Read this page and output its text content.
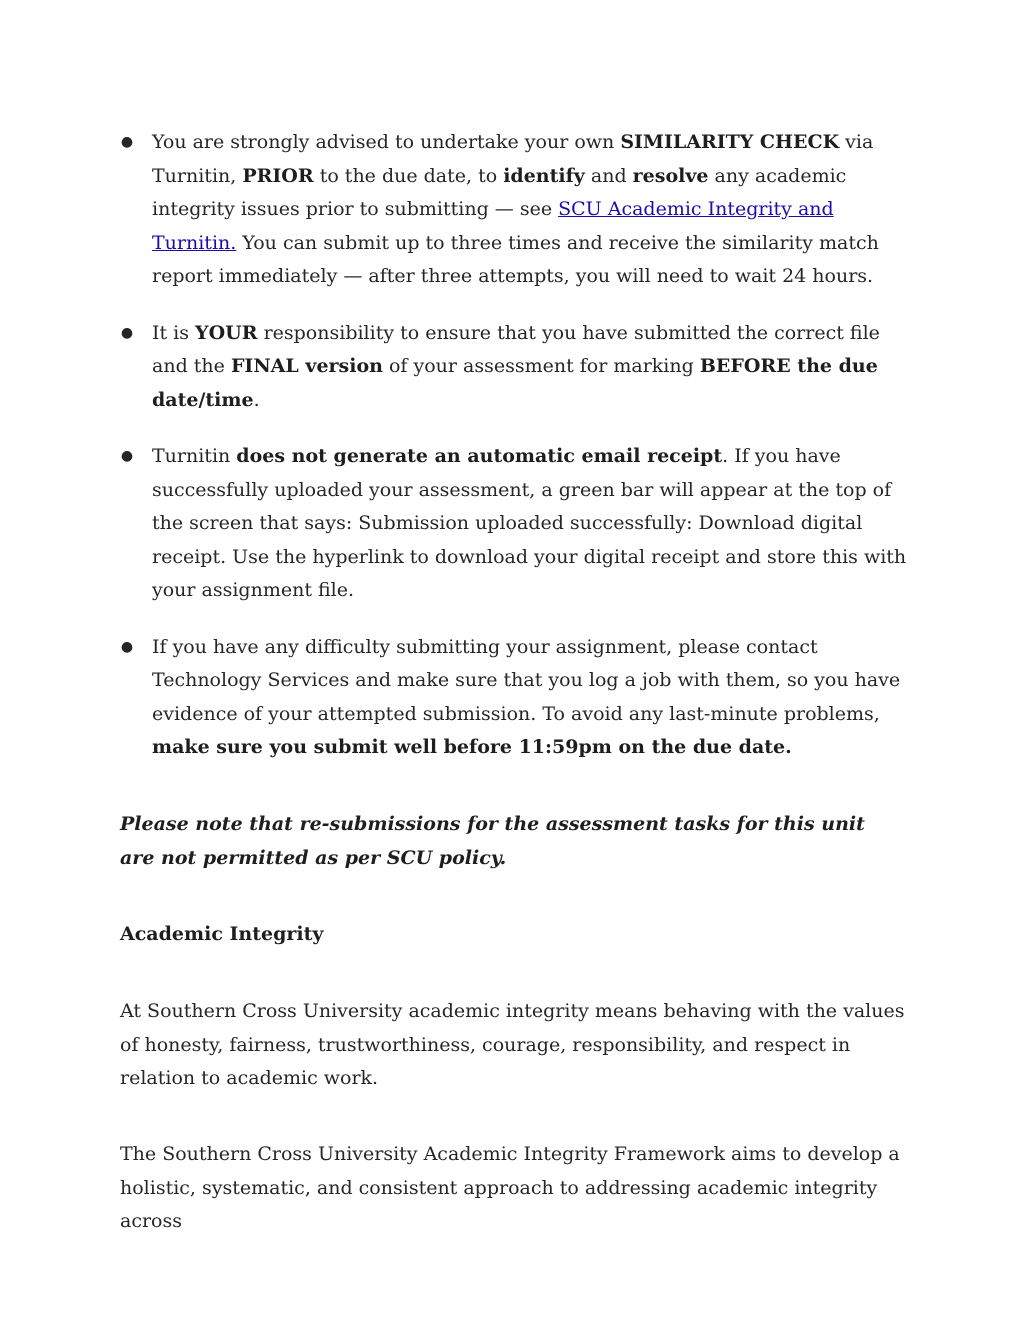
● You are strongly advised to undertake your own SIMILARITY CHECK via Turnitin, PRIOR to the due date, to identify and resolve any academic integrity issues prior to submitting — see SCU Academic Integrity and Turnitin. You can submit up to three times and receive the similarity match report immediately — after three attempts, you will need to wait 24 hours.
● It is YOUR responsibility to ensure that you have submitted the correct file and the FINAL version of your assessment for marking BEFORE the due date/time.
● Turnitin does not generate an automatic email receipt. If you have successfully uploaded your assessment, a green bar will appear at the top of the screen that says: Submission uploaded successfully: Download digital receipt. Use the hyperlink to download your digital receipt and store this with your assignment file.
● If you have any difficulty submitting your assignment, please contact Technology Services and make sure that you log a job with them, so you have evidence of your attempted submission. To avoid any last-minute problems, make sure you submit well before 11:59pm on the due date.

Please note that re-submissions for the assessment tasks for this unit are not permitted as per SCU policy.

Academic Integrity

At Southern Cross University academic integrity means behaving with the values of honesty, fairness, trustworthiness, courage, responsibility, and respect in relation to academic work.

The Southern Cross University Academic Integrity Framework aims to develop a holistic, systematic, and consistent approach to addressing academic integrity across
